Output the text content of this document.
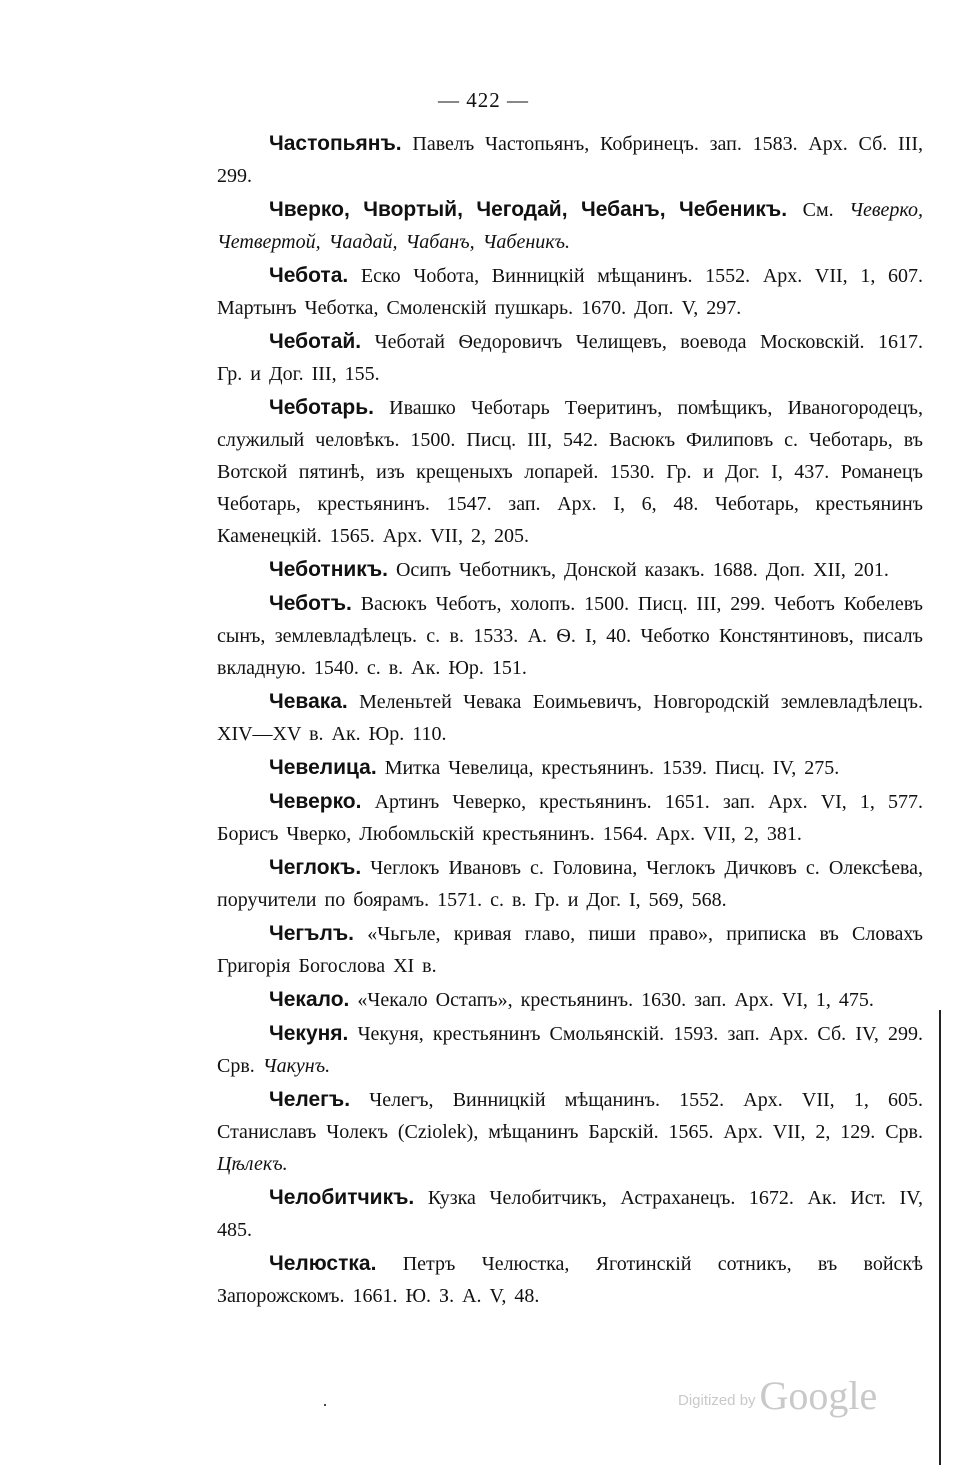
— 422 —

Частопьянъ. Павелъ Частопьянъ, Кобринецъ. зап. 1583. Арх. Сб. III, 299.

Чверко, Чвортый, Чегодай, Чебанъ, Чебеникъ. См. Чеверко, Четвертой, Чаадай, Чабанъ, Чабеникъ.

Чебота. Еско Чобота, Винницкій мѣщанинъ. 1552. Арх. VII, 1, 607. Мартынъ Чеботка, Смоленскій пушкарь. 1670. Доп. V, 297.

Чеботай. Чеботай Ѳедоровичъ Челищевъ, воевода Московскій. 1617. Гр. и Дог. III, 155.

Чеботарь. Ивашко Чеботарь Тѳеритинъ, помѣщикъ, Иваногородецъ, служилый человѣкъ. 1500. Писц. III, 542. Васюкъ Филиповъ с. Чеботарь, въ Вотской пятинѣ, изъ крещеныхъ лопарей. 1530. Гр. и Дог. I, 437. Романецъ Чеботарь, крестьянинъ. 1547. зап. Арх. I, 6, 48. Чеботарь, крестьянинъ Каменецкій. 1565. Арх. VII, 2, 205.

Чеботникъ. Осипъ Чеботникъ, Донской казакъ. 1688. Доп. XII, 201.

Чеботъ. Васюкъ Чеботъ, холопъ. 1500. Писц. III, 299. Чеботъ Кобелевъ сынъ, землевладѣлецъ. с. в. 1533. А. Ѳ. I, 40. Чеботко Констянтиновъ, писалъ вкладную. 1540. с. в. Ак. Юр. 151.

Чевака. Меленьтей Чевака Еоимьевичъ, Новгородскій землевладѣлецъ. XIV—XV в. Ак. Юр. 110.

Чевелица. Митка Чевелица, крестьянинъ. 1539. Писц. IV, 275.

Чеверко. Артинъ Чеверко, крестьянинъ. 1651. зап. Арх. VI, 1, 577. Борисъ Чверко, Любомльскій крестьянинъ. 1564. Арх. VII, 2, 381.

Чеглокъ. Чеглокъ Ивановъ с. Головина, Чеглокъ Дичковъ с. Олексѣева, поручители по боярамъ. 1571. с. в. Гр. и Дог. I, 569, 568.

Чегълъ. «Чьгьле, кривая главо, пиши право», приписка въ Словахъ Григорія Богослова XI в.

Чекало. «Чекало Остапъ», крестьянинъ. 1630. зап. Арх. VI, 1, 475.

Чекуня. Чекуня, крестьянинъ Смольянскій. 1593. зап. Арх. Сб. IV, 299. Срв. Чакунъ.

Челегъ. Челегъ, Винницкій мѣщанинъ. 1552. Арх. VII, 1, 605. Станиславъ Чолекъ (Cziolek), мѣщанинъ Барскій. 1565. Арх. VII, 2, 129. Срв. Цѣлекъ.

Челобитчикъ. Кузка Челобитчикъ, Астраханецъ. 1672. Ак. Ист. IV, 485.

Челюстка. Петръ Челюстка, Яготинскій сотникъ, въ войскѣ Запорожскомъ. 1661. Ю. З. А. V, 48.

Digitized by Google
